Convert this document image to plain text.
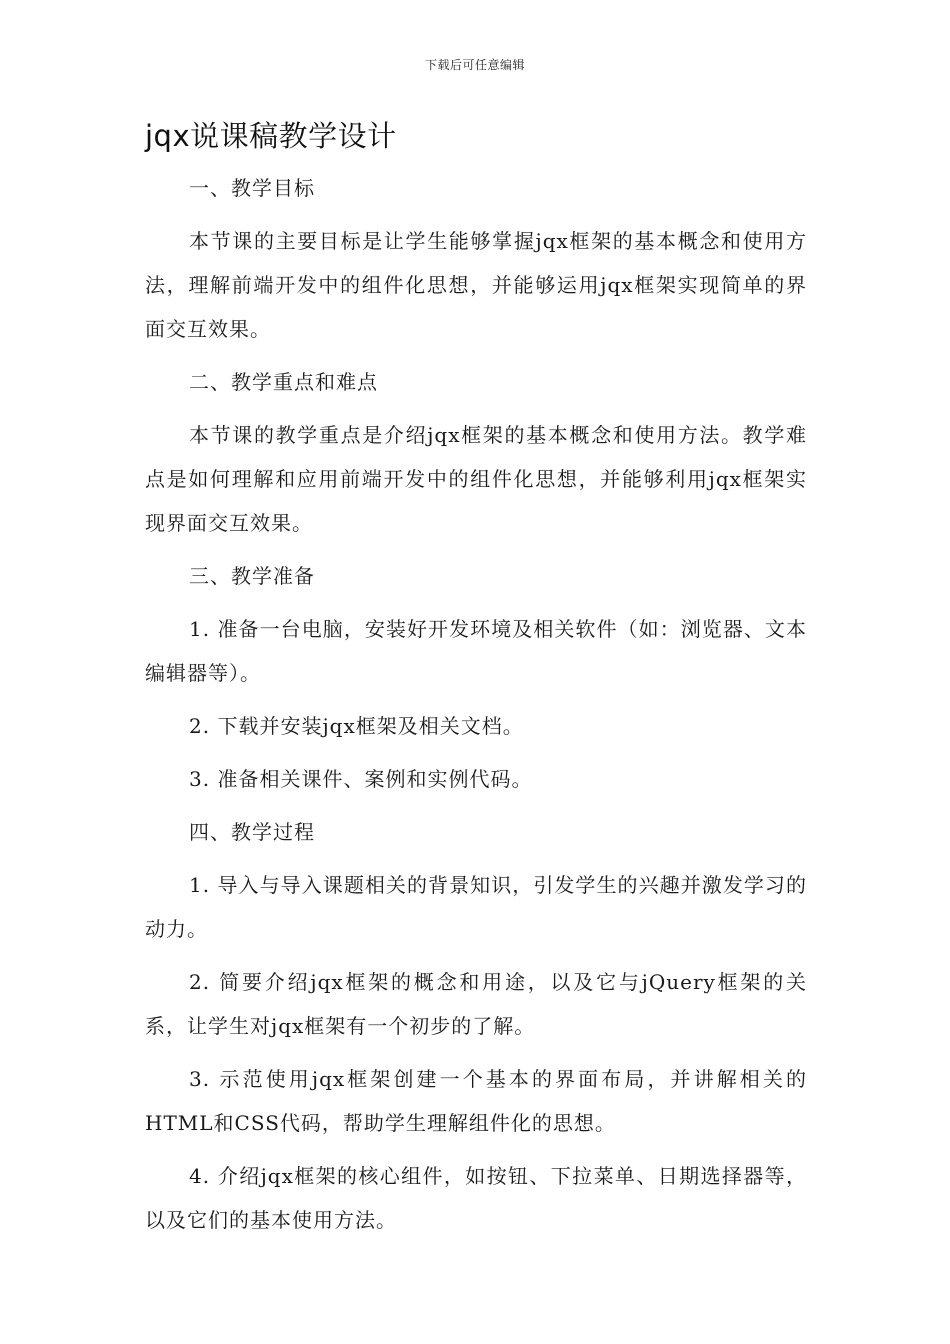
下载后可任意编辑
jqx说课稿教学设计

一、教学目标

本节课的主要目标是让学生能够掌握jqx框架的基本概念和使用方法，理解前端开发中的组件化思想，并能够运用jqx框架实现简单的界面交互效果。

二、教学重点和难点

本节课的教学重点是介绍jqx框架的基本概念和使用方法。教学难点是如何理解和应用前端开发中的组件化思想，并能够利用jqx框架实现界面交互效果。

三、教学准备

1. 准备一台电脑，安装好开发环境及相关软件（如：浏览器、文本编辑器等）。

2. 下载并安装jqx框架及相关文档。

3. 准备相关课件、案例和实例代码。

四、教学过程

1. 导入与导入课题相关的背景知识，引发学生的兴趣并激发学习的动力。

2. 简要介绍jqx框架的概念和用途，以及它与jQuery框架的关系，让学生对jqx框架有一个初步的了解。

3. 示范使用jqx框架创建一个基本的界面布局，并讲解相关的HTML和CSS代码，帮助学生理解组件化的思想。

4. 介绍jqx框架的核心组件，如按钮、下拉菜单、日期选择器等，以及它们的基本使用方法。
